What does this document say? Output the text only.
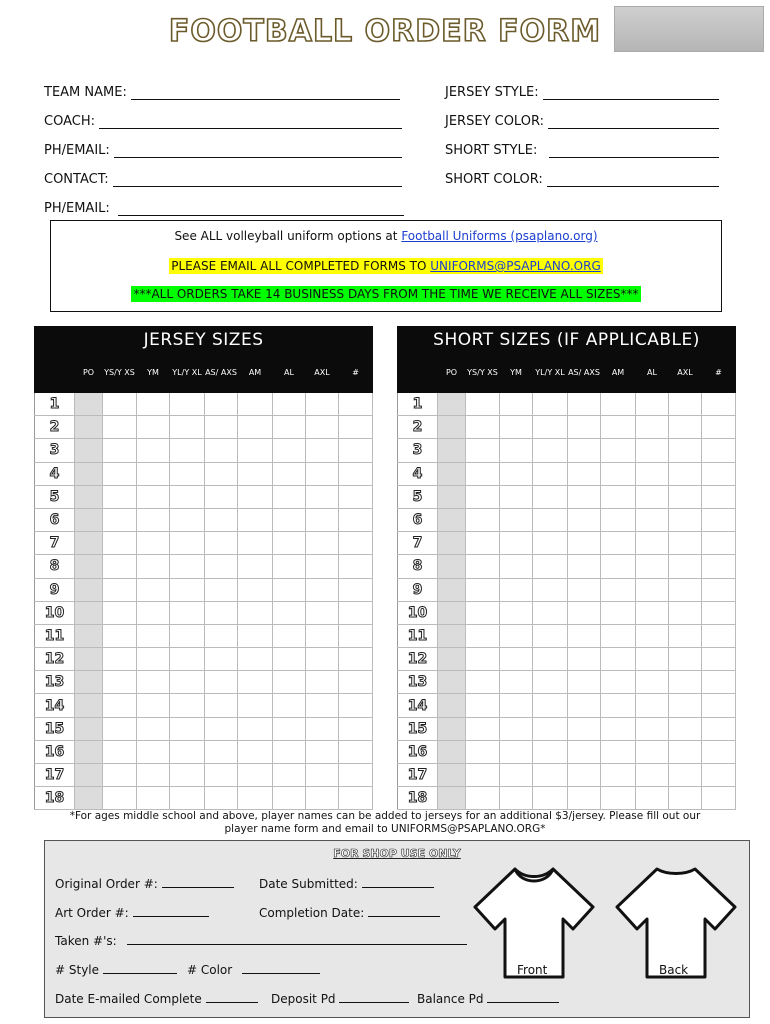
FOOTBALL ORDER FORM
TEAM NAME:
COACH:
PH/EMAIL:
CONTACT:
PH/EMAIL:
JERSEY STYLE:
JERSEY COLOR:
SHORT STYLE:
SHORT COLOR:
See ALL volleyball uniform options at Football Uniforms (psaplano.org)
PLEASE EMAIL ALL COMPLETED FORMS TO UNIFORMS@PSAPLANO.ORG
***ALL ORDERS TAKE 14 BUSINESS DAYS FROM THE TIME WE RECEIVE ALL SIZES***
JERSEY SIZES									
	PO	YS/Y XS	YM	YL/Y XL	AS/ AXS	AM	AL	AXL	#
1									
2									
3									
4									
5									
6									
7									
8									
9									
10									
11									
12									
13									
14									
15									
16									
17									
18									
SHORT SIZES (IF APPLICABLE)									
	PO	YS/Y XS	YM	YL/Y XL	AS/ AXS	AM	AL	AXL	#
1									
2									
3									
4									
5									
6									
7									
8									
9									
10									
11									
12									
13									
14									
15									
16									
17									
18									
*For ages middle school and above, player names can be added to jerseys for an additional $3/jersey. Please fill out our
player name form and email to UNIFORMS@PSAPLANO.ORG*
FOR SHOP USE ONLY
Original Order #:	Date Submitted:
Art Order #:	Completion Date:
Taken #'s:
# Style	# Color
Date E-mailed Complete	Deposit Pd	Balance Pd
Front	Back
